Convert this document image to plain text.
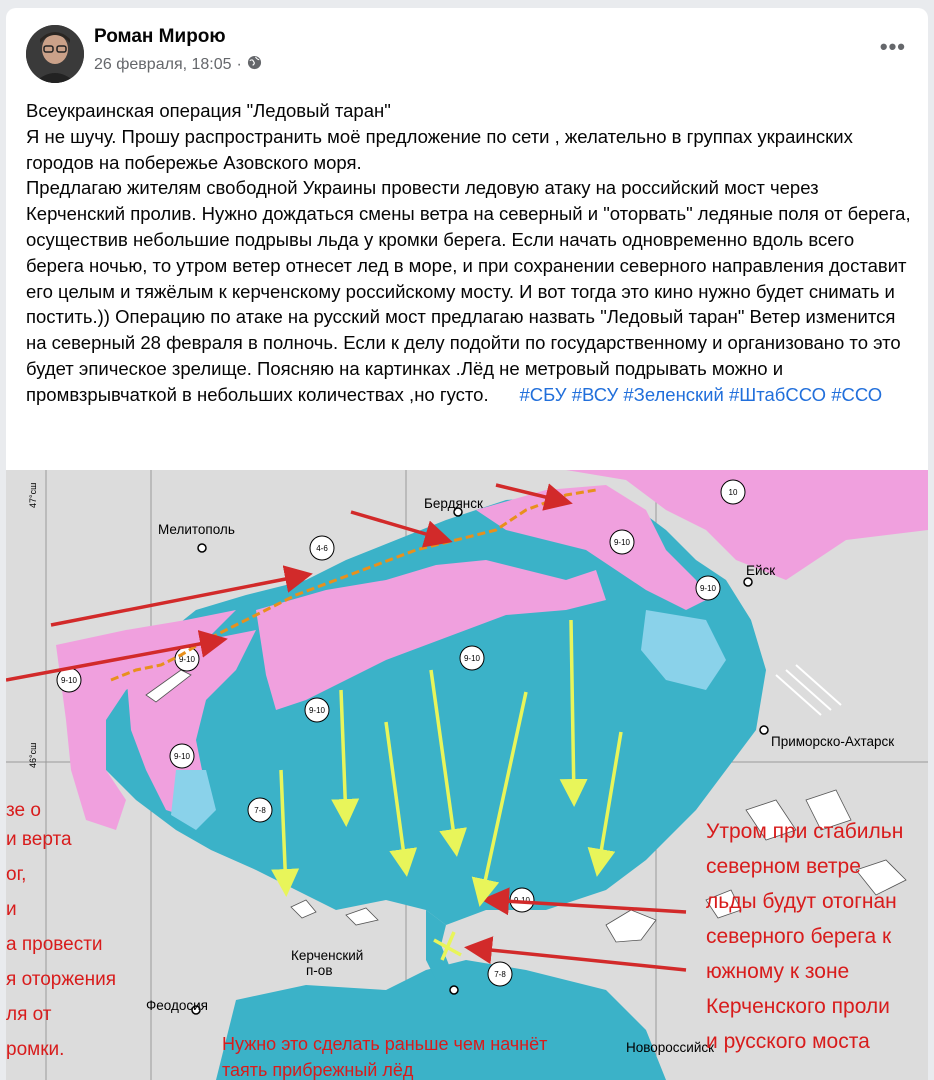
Роман Мирою
26 февраля, 18:05 ·
•••

Всеукраинская операция "Ледовый таран"

Я не шучу. Прошу распространить моё предложение по сети , желательно в группах украинских городов на побережье Азовского моря.

Предлагаю жителям свободной Украины провести ледовую атаку на российский мост через Керченский пролив. Нужно дождаться смены ветра на северный и "оторвать" ледяные поля от берега, осуществив небольшие подрывы льда у кромки берега. Если начать одновременно вдоль всего берега ночью, то утром ветер отнесет лед в море, и при сохранении северного направления доставит его целым и тяжёлым к керченскому российскому мосту. И вот тогда это кино нужно будет снимать и постить.)) Операцию по атаке на русский мост предлагаю назвать "Ледовый таран" Ветер изменится на северный 28 февраля в полночь. Если к делу подойти по государственному и организовано то это будет эпическое зрелище. Поясняю на картинках .Лёд не метровый подрывать можно и промвзрывчаткой в небольших количествах ,но густо. #СБУ #ВСУ #Зеленский #ШтабССО #ССО

Мелитополь
Бердянск
Ейск
Приморско-Ахтарск
Керченский
п-ов
Феодосия
Новороссийск
47°сш
46°сш
4-6
9-10
9-10
9-10
9-10
9-10
9-10
9-10
9-10
7-8
7-8
10
зе о
и верта
ог,
и
а провести
я оторжения
ля от
ромки.
Утром при стабильн
северном ветре
льды будут отогнан
северного берега к
южному к зоне
Керченского проли
и русского моста
Нужно это сделать раньше чем начнёт
таять прибрежный лёд
